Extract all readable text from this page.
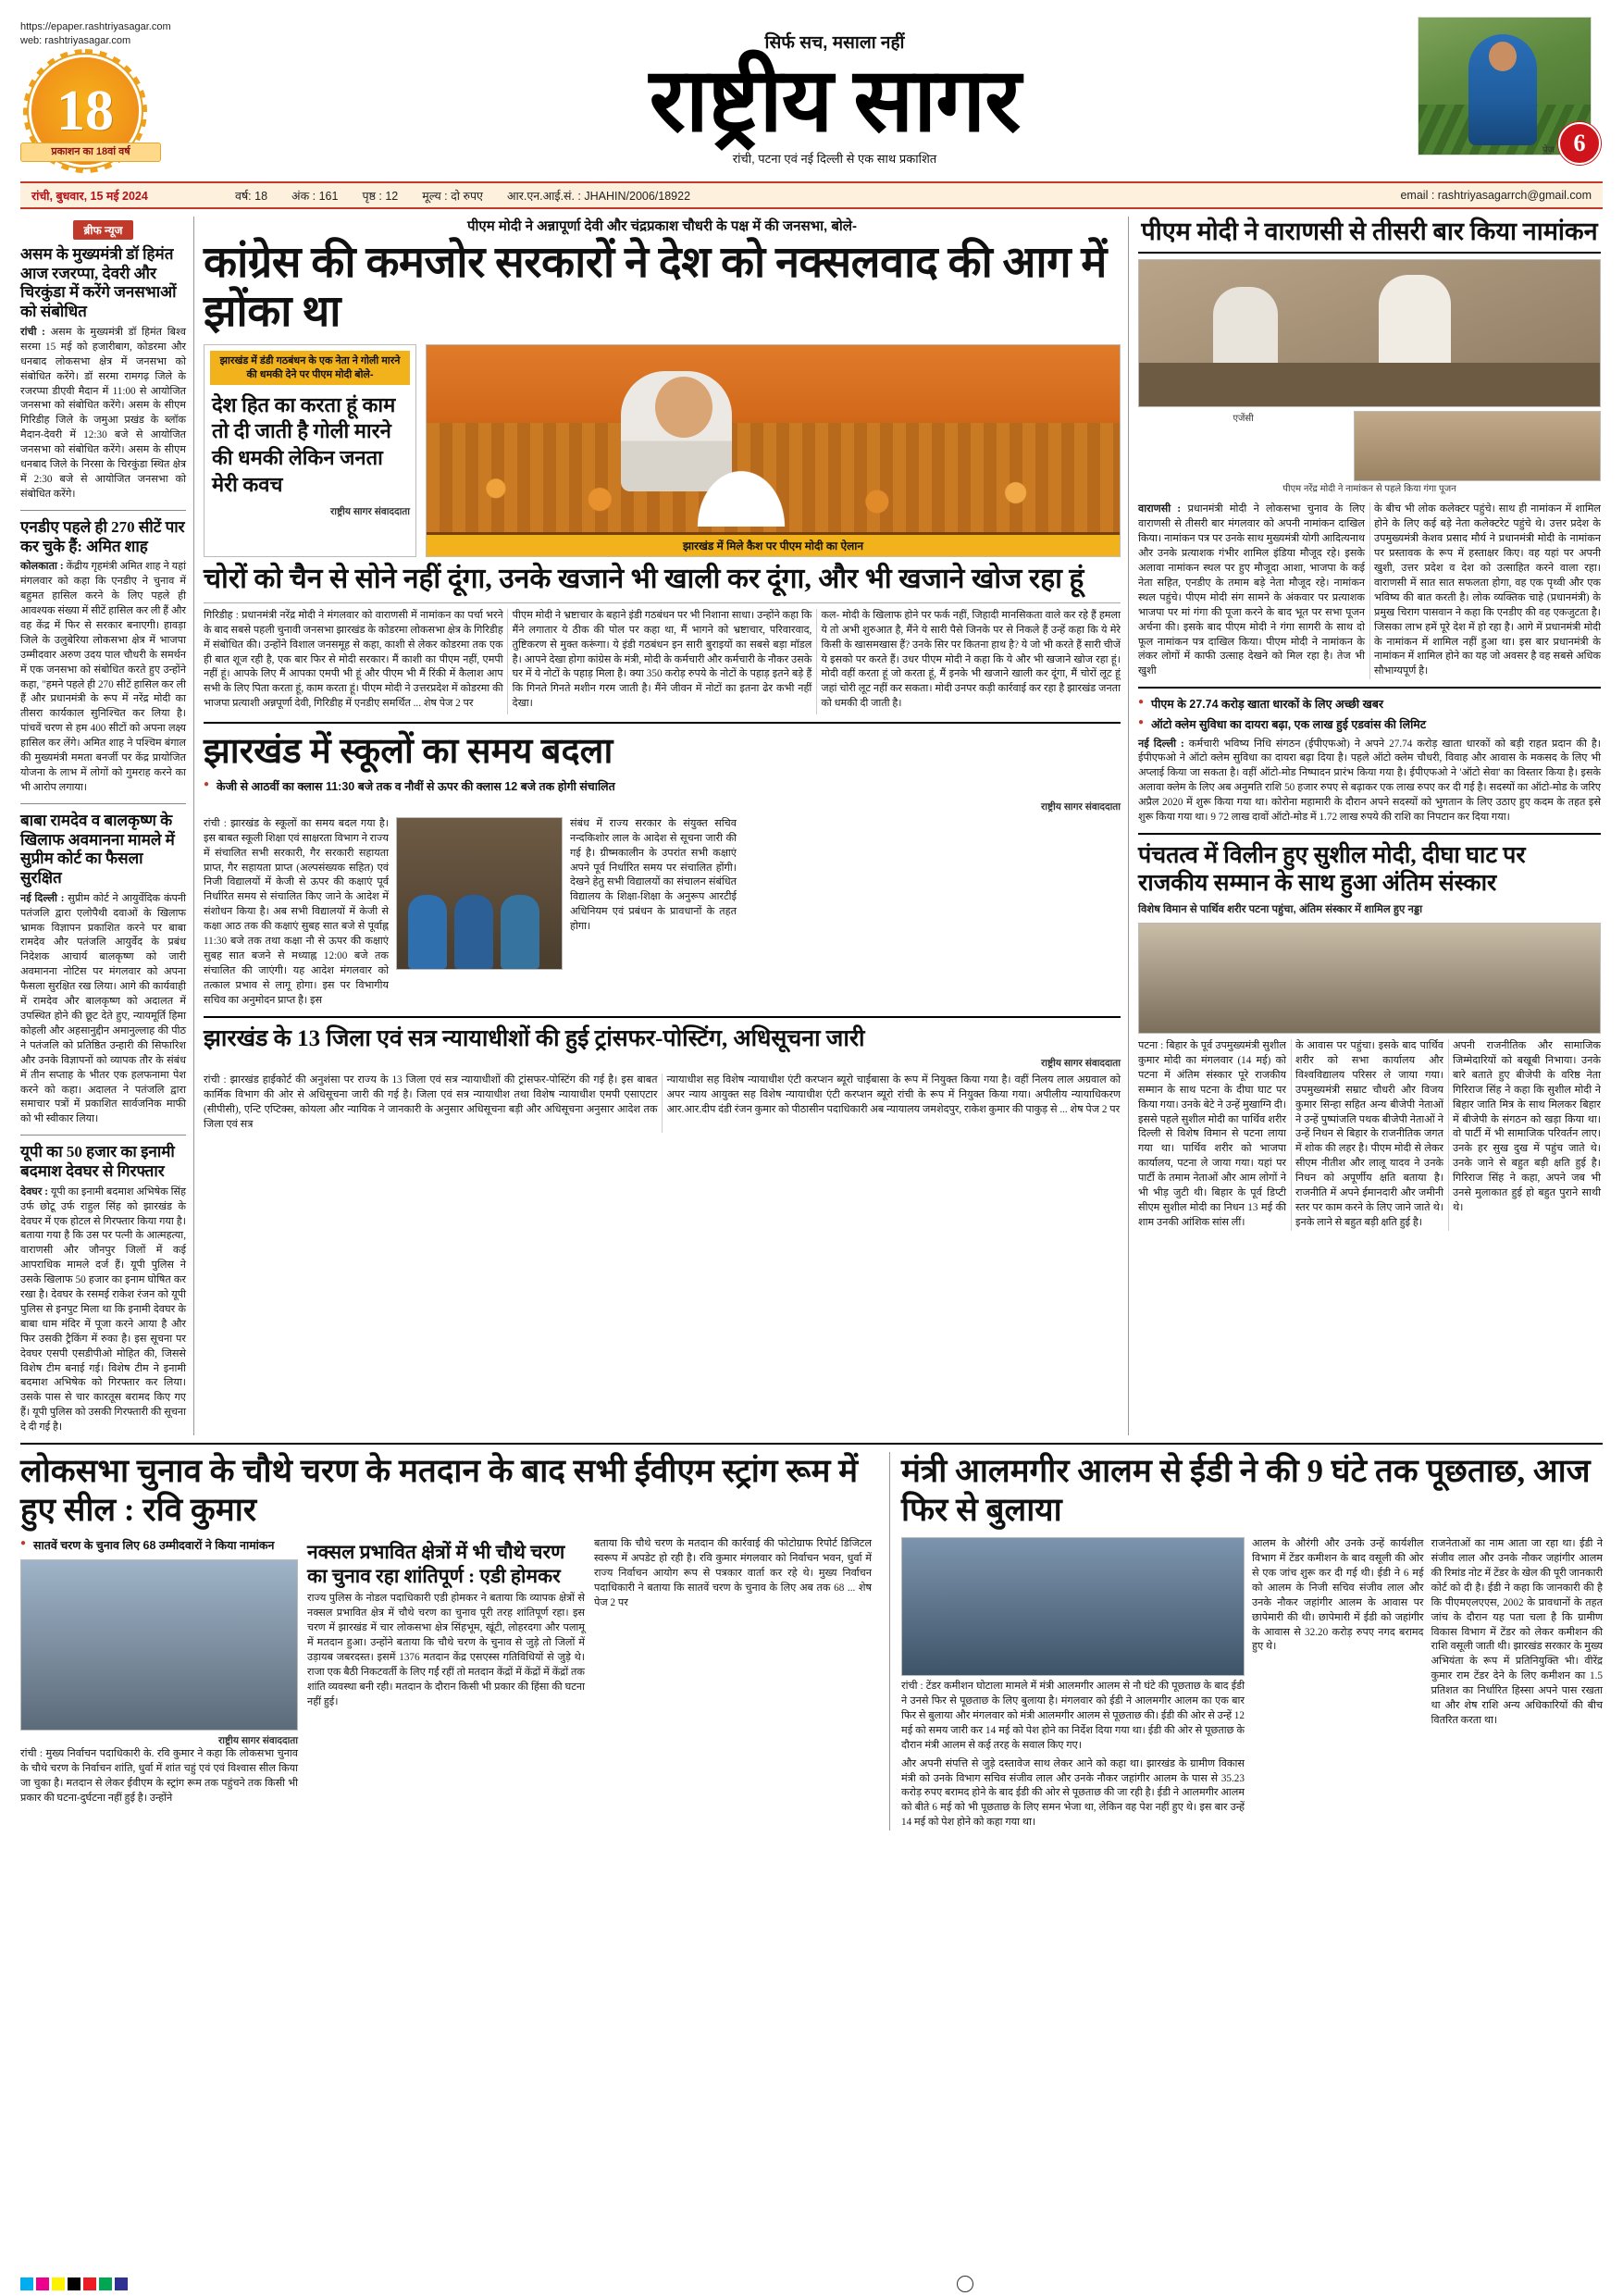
https://epaper.rashtriyasagar.com
web: rashtriyasagar.com
18
प्रकाशन का 18वां वर्ष
सिर्फ सच, मसाला नहीं
राष्ट्रीय सागर
रांची, पटना एवं नई दिल्ली से एक साथ प्रकाशित
पेज 6
रांची, बुधवार, 15 मई 2024	वर्ष: 18	अंक : 161	पृष्ठ : 12	मूल्य : दो रुपए	आर.एन.आई.सं. : JHAHIN/2006/18922	email : rashtriyasagarrch@gmail.com
ब्रीफ न्यूज
असम के मुख्यमंत्री डॉ हिमंत आज रजरप्पा, देवरी और चिरकुंडा में करेंगे जनसभाओं को संबोधित
रांची : असम के मुख्यमंत्री डॉ हिमंत बिश्व सरमा 15 मई को हजारीबाग, कोडरमा और धनबाद लोकसभा क्षेत्र में जनसभा को संबोधित करेंगे। डॉ सरमा रामगढ़ जिले के रजरप्पा डीएवी मैदान में 11:00 से आयोजित जनसभा को संबोधित करेंगे। असम के सीएम गिरिडीह जिले के जमुआ प्रखंड के ब्लॉक मैदान-देवरी में 12:30 बजे से आयोजित जनसभा को संबोधित करेंगे। असम के सीएम धनबाद जिले के निरसा के चिरकुंडा स्थित क्षेत्र में 2:30 बजे से आयोजित जनसभा को संबोधित करेंगे।
एनडीए पहले ही 270 सीटें पार कर चुके हैं: अमित शाह
कोलकाता : केंद्रीय गृहमंत्री अमित शाह ने यहां मंगलवार को कहा कि एनडीए ने चुनाव में बहुमत हासिल करने के लिए पहले ही आवश्यक संख्या में सीटें हासिल कर ली हैं और वह केंद्र में फिर से सरकार बनाएगी। हावड़ा जिले के उलुबेरिया लोकसभा क्षेत्र में भाजपा उम्मीदवार अरुण उदय पाल चौधरी के समर्थन में एक जनसभा को संबोधित करते हुए उन्होंने कहा, "हमने पहले ही 270 सीटें हासिल कर ली हैं और प्रधानमंत्री के रूप में नरेंद्र मोदी का तीसरा कार्यकाल सुनिश्चित कर लिया है। पांचवें चरण से हम 400 सीटों को अपना लक्ष्य हासिल कर लेंगे। अमित शाह ने पश्चिम बंगाल की मुख्यमंत्री ममता बनर्जी पर केंद्र प्रायोजित योजना के लाभ में लोगों को गुमराह करने का भी आरोप लगाया।
बाबा रामदेव व बालकृष्ण के खिलाफ अवमानना मामले में सुप्रीम कोर्ट का फैसला सुरक्षित
नई दिल्ली : सुप्रीम कोर्ट ने आयुर्वेदिक कंपनी पतंजलि द्वारा एलोपैथी दवाओं के खिलाफ भ्रामक विज्ञापन प्रकाशित करने पर बाबा रामदेव और पतंजलि आयुर्वेद के प्रबंध निदेशक आचार्य बालकृष्ण को जारी अवमानना नोटिस पर मंगलवार को अपना फैसला सुरक्षित रख लिया। आगे की कार्यवाही में रामदेव और बालकृष्ण को अदालत में उपस्थित होने की छूट देते हुए, न्यायमूर्ति हिमा कोहली और अहसानुद्दीन अमानुल्लाह की पीठ ने पतंजलि को प्रतिष्ठित उन्हारी की सिफारिश और उनके विज्ञापनों को व्यापक तौर के संबंध में तीन सप्ताह के भीतर एक हलफनामा पेश करने को कहा। अदालत ने पतंजलि द्वारा समाचार पत्रों में प्रकाशित सार्वजनिक माफी को भी स्वीकार लिया।
यूपी का 50 हजार का इनामी बदमाश देवघर से गिरफ्तार
देवघर : यूपी का इनामी बदमाश अभिषेक सिंह उर्फ छोटू उर्फ राहुल सिंह को झारखंड के देवघर में एक होटल से गिरफ्तार किया गया है। बताया गया है कि उस पर पत्नी के आत्महत्या, वाराणसी और जौनपुर जिलों में कई आपराधिक मामले दर्ज हैं। यूपी पुलिस ने उसके खिलाफ 50 हजार का इनाम घोषित कर रखा है। देवघर के रसमई राकेश रंजन को यूपी पुलिस से इनपुट मिला था कि इनामी देवघर के बाबा धाम मंदिर में पूजा करने आया है और फिर उसकी ट्रैकिंग में रुका है। इस सूचना पर देवघर एसपी एसडीपीओ मोहित की, जिससे विशेष टीम बनाई गई। विशेष टीम ने इनामी बदमाश अभिषेक को गिरफ्तार कर लिया। उसके पास से चार कारतूस बरामद किए गए हैं। यूपी पुलिस को उसकी गिरफ्तारी की सूचना दे दी गई है।
पीएम मोदी ने अन्नापूर्णा देवी और चंद्रप्रकाश चौधरी के पक्ष में की जनसभा, बोले-
कांग्रेस की कमजोर सरकारों ने देश को नक्सलवाद की आग में झोंका था
झारखंड में डंडी गठबंधन के एक नेता ने गोली मारने की धमकी देने पर पीएम मोदी बोले-
देश हित का करता हूं काम तो दी जाती है गोली मारने की धमकी लेकिन जनता मेरी कवच
राष्ट्रीय सागर संवाददाता
झारखंड में मिले कैश पर पीएम मोदी का ऐलान
चोरों को चैन से सोने नहीं दूंगा, उनके खजाने भी खाली कर दूंगा, और भी खजाने खोज रहा हूं
गिरिडीह : प्रधानमंत्री नरेंद्र मोदी ने मंगलवार को वाराणसी में नामांकन का पर्चा भरने के बाद सबसे पहली चुनावी जनसभा झारखंड के कोडरमा लोकसभा क्षेत्र के गिरिडीह में संबोधित की। उन्होंने विशाल जनसमूह से कहा, काशी से लेकर कोडरमा तक एक ही बात शूज रही है, एक बार फिर से मोदी सरकार। मैं काशी का पीएम नहीं, एमपी नहीं हूं। आपके लिए मैं आपका एमपी भी हूं और पीएम भी मैं रिंकी में कैलाश आप सभी के लिए पिता करता हूं, काम करता हूं। पीएम मोदी ने उत्तरप्रदेश में कोडरमा की भाजपा प्रत्याशी अन्नपूर्णा देवी, गिरिडीह में एनडीए समर्थित ... शेष पेज 2 पर
पीएम मोदी ने भ्रष्टाचार के बहाने इंडी गठबंधन पर भी निशाना साधा। उन्होंने कहा कि मैंने लगातार ये ठीक की पोल पर कहा था, मैं भागने को भ्रष्टाचार, परिवारवाद, तुष्टिकरण से मुक्त करूंगा। ये इंडी गठबंधन इन सारी बुराइयों का सबसे बड़ा मॉडल है। आपने देखा होगा कांग्रेस के मंत्री, मोदी के कर्मचारी और कर्मचारी के नौकर उसके घर में ये नोटों के पहाड़ मिला है। क्या 350 करोड़ रुपये के नोटों के पहाड़ इतने बड़े हैं कि गिनते गिनते मशीन गरम जाती है। मैंने जीवन में नोटों का इतना ढेर कभी नहीं देखा।
कल- मोदी के खिलाफ होने पर फर्क नहीं, जिहादी मानसिकता वाले कर रहे हैं हमला ये तो अभी शुरुआत है, मैंने ये सारी पैसे जिनके पर से निकले हैं उन्हें कहा कि ये मेरे किसी के खासमखास हैं? उनके सिर पर कितना हाथ है? ये जो भी करते हैं सारी चीजें ये इसको पर करते हैं। उधर पीएम मोदी ने कहा कि ये और भी खजाने खोज रहा हूं। मोदी वहीं करता हूं जो करता हूं, मैं इनके भी खजाने खाली कर दूंगा, मैं चोरों लूट हूं जहां चोरी लूट नहीं कर सकता। मोदी उनपर कड़ी कार्रवाई कर रहा है झारखंड जनता को धमकी दी जाती है।
झारखंड में स्कूलों का समय बदला
● केजी से आठवीं का क्लास 11:30 बजे तक व नौवीं से ऊपर की क्लास 12 बजे तक होगी संचालित
राष्ट्रीय सागर संवाददाता
रांची : झारखंड के स्कूलों का समय बदल गया है। इस बाबत स्कूली शिक्षा एवं साक्षरता विभाग ने राज्य में संचालित सभी सरकारी, गैर सरकारी सहायता प्राप्त, गैर सहायता प्राप्त (अल्पसंख्यक सहित) एवं निजी विद्यालयों में केजी से ऊपर की कक्षाएं पूर्व निर्धारित समय से संचालित किए जाने के आदेश में संशोधन किया है। अब सभी विद्यालयों में केजी से कक्षा आठ तक की कक्षाएं सुबह सात बजे से पूर्वाह्न 11:30 बजे तक तथा कक्षा नौ से ऊपर की कक्षाएं सुबह सात बजने से मध्याह्न 12:00 बजे तक संचालित की जाएंगी। यह आदेश मंगलवार को तत्काल प्रभाव से लागू होगा। इस पर विभागीय सचिव का अनुमोदन प्राप्त है। इस
संबंध में राज्य सरकार के संयुक्त सचिव नन्दकिशोर लाल के आदेश से सूचना जारी की गई है। ग्रीष्मकालीन के उपरांत सभी कक्षाएं अपने पूर्व निर्धारित समय पर संचालित होंगी। देखने हेतु सभी विद्यालयों का संचालन संबंधित विद्यालय के शिक्षा-शिक्षा के अनुरूप आरटीई अधिनियम एवं प्रबंधन के प्रावधानों के तहत होगा।
झारखंड के 13 जिला एवं सत्र न्यायाधीशों की हुई ट्रांसफर-पोस्टिंग, अधिसूचना जारी
राष्ट्रीय सागर संवाददाता
रांची : झारखंड हाईकोर्ट की अनुशंसा पर राज्य के 13 जिला एवं सत्र न्यायाधीशों की ट्रांसफर-पोस्टिंग की गई है। इस बाबत कार्मिक विभाग की ओर से अधिसूचना जारी की गई है। जिला एवं सत्र न्यायाधीश तथा विशेष न्यायाधीश एमपी एसाएटार (सीपीसी), एन्टि एप्टिक्स, कोयला और न्यायिक ने जानकारी के अनुसार अधिसूचना बड़ी और अधिसूचना अनुसार आदेश तक जिला एवं सत्र
न्यायाधीश सह विशेष न्यायाधीश एंटी करप्शन ब्यूरो चाईबासा के रूप में नियुक्त किया गया है। वहीं निलय लाल अग्रवाल को अपर न्याय आयुक्त सह विशेष न्यायाधीश एंटी करप्शन ब्यूरो रांची के रूप में नियुक्त किया गया। अपीलीय न्यायाधिकरण आर.आर.दीप दंडी रंजन कुमार को पीठासीन पदाधिकारी अब न्यायालय जमशेदपुर, राकेश कुमार की पाकुड़ से ... शेष पेज 2 पर
पीएम मोदी ने वाराणसी से तीसरी बार किया नामांकन
एजेंसी
पीएम नरेंद्र मोदी ने नामांकन से पहले किया गंगा पूजन
वाराणसी : प्रधानमंत्री मोदी ने लोकसभा चुनाव के लिए वाराणसी से तीसरी बार मंगलवार को अपनी नामांकन दाखिल किया। नामांकन पत्र पर उनके साथ मुख्यमंत्री योगी आदित्यनाथ और उनके प्रत्याशक गंभीर शामिल इंडिया मौजूद रहे। इसके अलावा नामांकन स्थल पर हुए मौजूदा आशा, भाजपा के कई नेता सहित, एनडीए के तमाम बड़े नेता मौजूद रहे। नामांकन स्थल पहुंचे। पीएम मोदी संग सामने के अंकवार पर प्रत्याशक भाजपा पर मां गंगा की पूजा करने के बाद भूत पर सभा पूजन अर्चना की। इसके बाद पीएम मोदी ने गंगा सागरी के साथ दो फूल नामांकन पत्र दाखिल किया। पीएम मोदी ने नामांकन के लंकर लोगों में काफी उत्साह देखने को मिल रहा है। तेज भी खुशी
के बीच भी लोक कलेक्टर पहुंचे। साथ ही नामांकन में शामिल होने के लिए कई बड़े नेता कलेक्टरेट पहुंचे थे। उत्तर प्रदेश के उपमुख्यमंत्री केशव प्रसाद मौर्य ने प्रधानमंत्री मोदी के नामांकन पर प्रस्तावक के रूप में हस्ताक्षर किए। वह यहां पर अपनी खुशी, उत्तर प्रदेश व देश को उत्साहित करने वाला रहा। वाराणसी में सात सात सफलता होगा, वह एक पृथ्वी और एक भविष्य की बात करती है। लोक व्यक्तिक चाहे (प्रधानमंत्री) के प्रमुख चिराग पासवान ने कहा कि एनडीए की वह एकजुटता है। जिसका लाभ हमें पूरे देश में हो रहा है। आगे में प्रधानमंत्री मोदी के नामांकन में शामिल नहीं हुआ था। इस बार प्रधानमंत्री के नामांकन में शामिल होने का यह जो अवसर है वह सबसे अधिक सौभाग्यपूर्ण है।
● पीएम के 27.74 करोड़ खाता धारकों के लिए अच्छी खबर
● ऑटो क्लेम सुविधा का दायरा बढ़ा, एक लाख हुई एडवांस की लिमिट
नई दिल्ली : कर्मचारी भविष्य निधि संगठन (ईपीएफओ) ने अपने 27.74 करोड़ खाता धारकों को बड़ी राहत प्रदान की है। ईपीएफओ ने ऑटो क्लेम सुविधा का दायरा बढ़ा दिया है। पहले ऑटो क्लेम चौधरी, विवाह और आवास के मकसद के लिए भी अप्लाई किया जा सकता है। वहीं ऑटो-मोड निष्पादन प्रारंभ किया गया है। ईपीएफओ ने 'ऑटो सेवा' का विस्तार किया है। इसके अलावा क्लेम के लिए अब अनुमति राशि 50 हजार रुपए से बढ़ाकर एक लाख रुपए कर दी गई है। सदस्यों का ऑटो-मोड के जरिए अप्रैल 2020 में शुरू किया गया था। कोरोना महामारी के दौरान अपने सदस्यों को भुगतान के लिए उठाए हुए कदम के तहत इसे शुरू किया गया था। 9 72 लाख दावों ऑटो-मोड में 1.72 लाख रुपये की राशि का निपटान कर दिया गया।
पंचतत्व में विलीन हुए सुशील मोदी, दीघा घाट पर राजकीय सम्मान के साथ हुआ अंतिम संस्कार
विशेष विमान से पार्थिव शरीर पटना पहुंचा, अंतिम संस्कार में शामिल हुए नड्डा
पटना : बिहार के पूर्व उपमुख्यमंत्री सुशील कुमार मोदी का मंगलवार (14 मई) को पटना में अंतिम संस्कार पूरे राजकीय सम्मान के साथ पटना के दीघा घाट पर किया गया। उनके बेटे ने उन्हें मुखाग्नि दी। इससे पहले सुशील मोदी का पार्थिव शरीर दिल्ली से विशेष विमान से पटना लाया गया था। पार्थिव शरीर को भाजपा कार्यालय, पटना ले जाया गया। यहां पर पार्टी के तमाम नेताओं और आम लोगों ने भी भीड़ जुटी थी। बिहार के पूर्व डिप्टी सीएम सुशील मोदी का निधन 13 मई की शाम उनकी आंशिक सांस लीं।
के आवास पर पहुंचा। इसके बाद पार्थिव शरीर को सभा कार्यालय और विश्वविद्यालय परिसर ले जाया गया। उपमुख्यमंत्री सम्राट चौधरी और विजय कुमार सिन्हा सहित अन्य बीजेपी नेताओं ने उन्हें पुष्पांजलि पथक बीजेपी नेताओं ने उन्हें निधन से बिहार के राजनीतिक जगत में शोक की लहर है। पीएम मोदी से लेकर सीएम नीतीश और लालू यादव ने उनके निधन को अपूर्णीय क्षति बताया है। राजनीति में अपने ईमानदारी और जमीनी स्तर पर काम करने के लिए जाने जाते थे। इनके लाने से बहुत बड़ी क्षति हुई है।
अपनी राजनीतिक और सामाजिक जिम्मेदारियों को बखूबी निभाया। उनके बारे बताते हुए बीजेपी के वरिष्ठ नेता गिरिराज सिंह ने कहा कि सुशील मोदी ने बिहार जाति मित्र के साथ मिलकर बिहार में बीजेपी के संगठन को खड़ा किया था। वो पार्टी में भी सामाजिक परिवर्तन लाए। उनके हर सुख दुख में पहुंच जाते थे। उनके जाने से बहुत बड़ी क्षति हुई है। गिरिराज सिंह ने कहा, अपने जब भी उनसे मुलाकात हुई हो बहुत पुराने साथी थे।
लोकसभा चुनाव के चौथे चरण के मतदान के बाद सभी ईवीएम स्ट्रांग रूम में हुए सील : रवि कुमार
● सातवें चरण के चुनाव लिए 68 उम्मीदवारों ने किया नामांकन
राष्ट्रीय सागर संवाददाता
रांची : मुख्य निर्वाचन पदाधिकारी के. रवि कुमार ने कहा कि लोकसभा चुनाव के चौथे चरण के निर्वाचन शांति, धुर्वा में शांत चहुं एवं एवं विश्वास सील किया जा चुका है। मतदान से लेकर ईवीएम के स्ट्रांग रूम तक पहुंचने तक किसी भी प्रकार की घटना-दुर्घटना नहीं हुई है। उन्होंने
नक्सल प्रभावित क्षेत्रों में भी चौथे चरण का चुनाव रहा शांतिपूर्ण : एडी होमकर
राज्य पुलिस के नोडल पदाधिकारी एडी होमकर ने बताया कि व्यापक क्षेत्रों से नक्सल प्रभावित क्षेत्र में चौथे चरण का चुनाव पूरी तरह शांतिपूर्ण रहा। इस चरण में झारखंड में चार लोकसभा क्षेत्र सिंहभूम, खूंटी, लोहरदगा और पलामू में मतदान हुआ। उन्होंने बताया कि चौथे चरण के चुनाव से जुड़े तो जिलों में उड़ायब जबरदस्त। इसमें 1376 मतदान केंद्र एसएस्स गतिविधियों से जुड़े थे। राजा एक बैठी निकटवर्ती के लिए गईं रहीं तो मतदान केंद्रों में केंद्रों में केंद्रों तक शांति व्यवस्था बनी रही। मतदान के दौरान किसी भी प्रकार की हिंसा की घटना नहीं हुई।
बताया कि चौथे चरण के मतदान की कार्रवाई की फोटोग्राफ रिपोर्ट डिजिटल स्वरूप में अपडेट हो रही है। रवि कुमार मंगलवार को निर्वाचन भवन, धुर्वा में राज्य निर्वाचन आयोग रूप से पत्रकार वार्ता कर रहे थे। मुख्य निर्वाचन पदाधिकारी ने बताया कि सातवें चरण के चुनाव के लिए अब तक 68 ... शेष पेज 2 पर
मंत्री आलमगीर आलम से ईडी ने की 9 घंटे तक पूछताछ, आज फिर से बुलाया
रांची : टेंडर कमीशन घोटाला मामले में मंत्री आलमगीर आलम से नौ घंटे की पूछताछ के बाद ईडी ने उनसे फिर से पूछताछ के लिए बुलाया है। मंगलवार को ईडी ने आलमगीर आलम का एक बार फिर से बुलाया और मंगलवार को मंत्री आलमगीर आलम से पूछताछ की। ईडी की ओर से उन्हें 12 मई को समय जारी कर 14 मई को पेश होने का निर्देश दिया गया था। ईडी की ओर से पूछताछ के दौरान मंत्री आलम से कई तरह के सवाल किए गए।
और अपनी संपत्ति से जुड़े दस्तावेज साथ लेकर आने को कहा था। झारखंड के ग्रामीण विकास मंत्री को उनके विभाग सचिव संजीव लाल और उनके नौकर जहांगीर आलम के पास से 35.23 करोड़ रुपए बरामद होने के बाद ईडी की ओर से पूछताछ की जा रही है। ईडी ने आलमगीर आलम को बीते 6 मई को भी पूछताछ के लिए समन भेजा था, लेकिन वह पेश नहीं हुए थे। इस बार उन्हें 14 मई को पेश होने को कहा गया था।
आलम के औरंगी और उनके उन्हें कार्यशील विभाग में टेंडर कमीशन के बाद वसूली की ओर से एक जांच शुरू कर दी गई थी। ईडी ने 6 मई को आलम के निजी सचिव संजीव लाल और उनके नौकर जहांगीर आलम के आवास पर छापेमारी की थी। छापेमारी में ईडी को जहांगीर के आवास से 32.20 करोड़ रुपए नगद बरामद हुए थे।
राजनेताओं का नाम आता जा रहा था। ईडी ने संजीव लाल और उनके नौकर जहांगीर आलम की रिमांड नोट में टेंडर के खेल की पूरी जानकारी कोर्ट को दी है। ईडी ने कहा कि जानकारी की है कि पीएमएलएएस, 2002 के प्रावधानों के तहत जांच के दौरान यह पता चला है कि ग्रामीण विकास विभाग में टेंडर को लेकर कमीशन की राशि वसूली जाती थी। झारखंड सरकार के मुख्य अभियंता के रूप में प्रतिनियुक्ति भी। वीरेंद्र कुमार राम टेंडर देने के लिए कमीशन का 1.5 प्रतिशत का निर्धारित हिस्सा अपने पास रखता था और शेष राशि अन्य अधिकारियों की बीच वितरित करता था।
